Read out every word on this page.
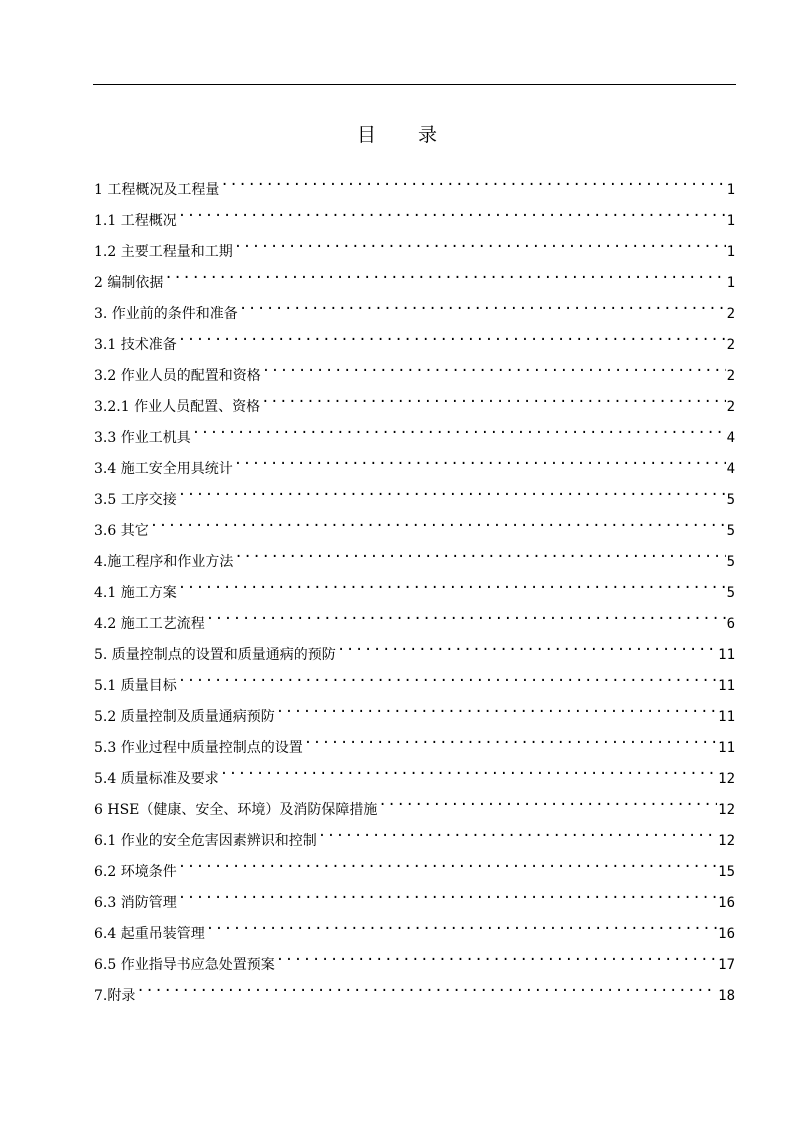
目 录
1 工程概况及工程量 .....	1
1.1 工程概况 .....	1
1.2 主要工程量和工期 .....	1
2 编制依据 .....	1
3. 作业前的条件和准备 .....	2
3.1 技术准备 .....	2
3.2 作业人员的配置和资格 .....	2
3.2.1 作业人员配置、资格 .....	2
3.3 作业工机具 .....	4
3.4 施工安全用具统计 .....	4
3.5 工序交接 .....	5
3.6 其它 .....	5
4.施工程序和作业方法 .....	5
4.1 施工方案 .....	5
4.2 施工工艺流程 .....	6
5. 质量控制点的设置和质量通病的预防 .....	11
5.1 质量目标 .....	11
5.2 质量控制及质量通病预防 .....	11
5.3 作业过程中质量控制点的设置 .....	11
5.4 质量标准及要求 .....	12
6 HSE（健康、安全、环境）及消防保障措施 .....	12
6.1 作业的安全危害因素辨识和控制 .....	12
6.2 环境条件 .....	15
6.3 消防管理 .....	16
6.4 起重吊装管理 .....	16
6.5 作业指导书应急处置预案 .....	17
7.附录 .....	18
